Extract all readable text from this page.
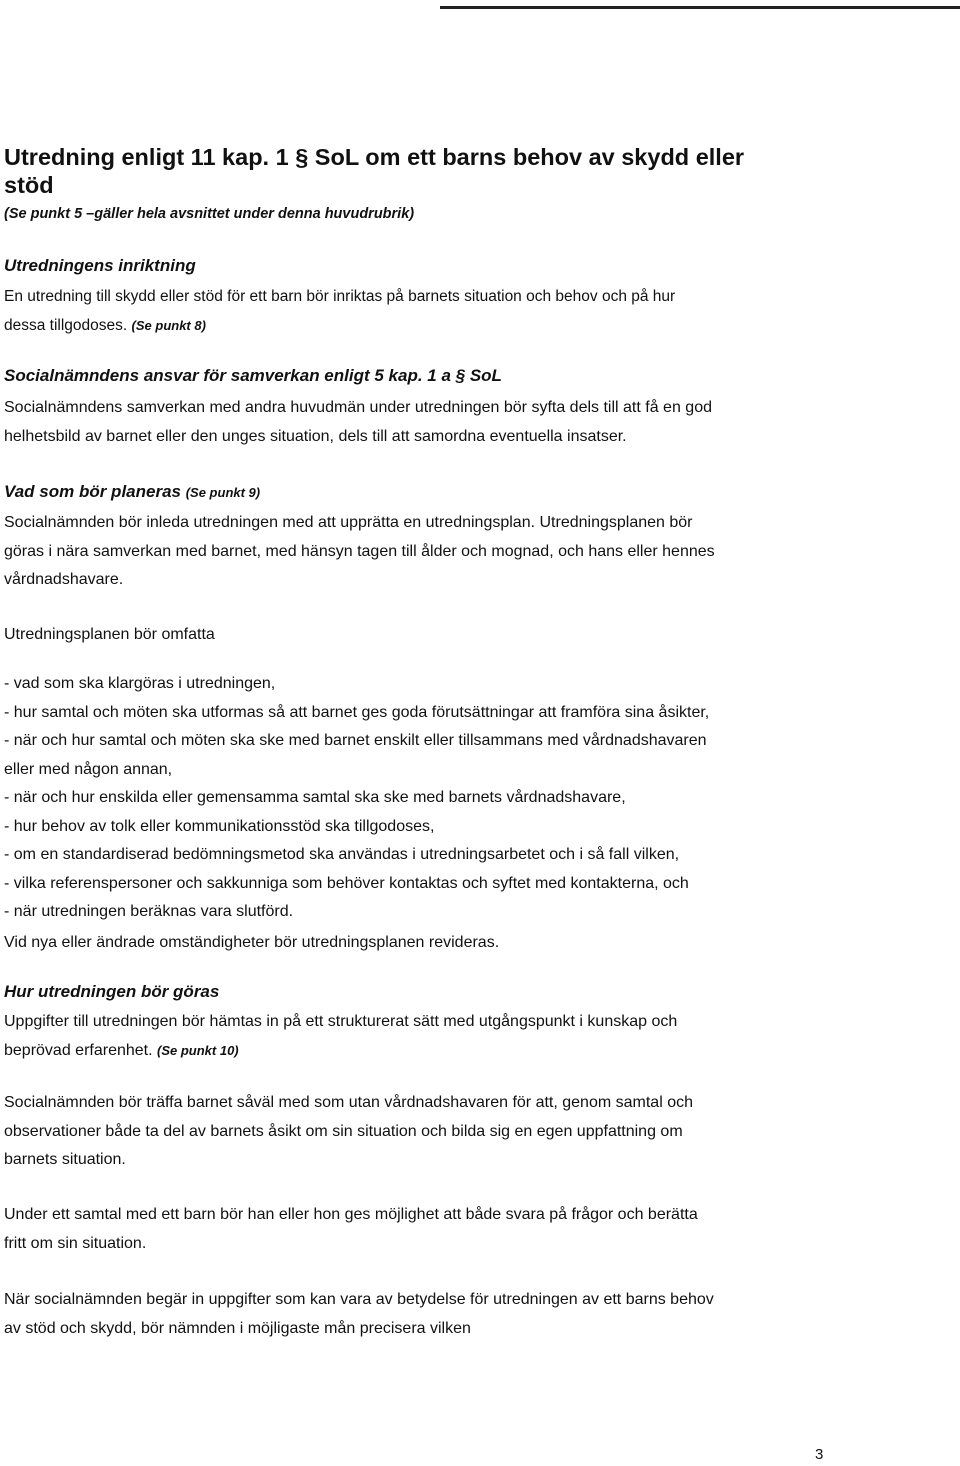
Utredning enligt 11 kap. 1 § SoL om ett barns behov av skydd eller
stöd

(Se punkt 5 –gäller hela avsnittet under denna huvudrubrik)

Utredningens inriktning
En utredning till skydd eller stöd för ett barn bör inriktas på barnets situation och behov och på hur
dessa tillgodoses. (Se punkt 8)
Socialnämndens ansvar för samverkan enligt 5 kap. 1 a § SoL
Socialnämndens samverkan med andra huvudmän under utredningen bör syfta dels till att få en god
helhetsbild av barnet eller den unges situation, dels till att samordna eventuella insatser.
Vad som bör planeras (Se punkt 9)
Socialnämnden bör inleda utredningen med att upprätta en utredningsplan. Utredningsplanen bör
göras i nära samverkan med barnet, med hänsyn tagen till ålder och mognad, och hans eller hennes
vårdnadshavare.

Utredningsplanen bör omfatta

- vad som ska klargöras i utredningen,
- hur samtal och möten ska utformas så att barnet ges goda förutsättningar att framföra sina åsikter,
- när och hur samtal och möten ska ske med barnet enskilt eller tillsammans med vårdnadshavaren
eller med någon annan,
- när och hur enskilda eller gemensamma samtal ska ske med barnets vårdnadshavare,
- hur behov av tolk eller kommunikationsstöd ska tillgodoses,
- om en standardiserad bedömningsmetod ska användas i utredningsarbetet och i så fall vilken,
- vilka referenspersoner och sakkunniga som behöver kontaktas och syftet med kontakterna, och
- när utredningen beräknas vara slutförd.

Vid nya eller ändrade omständigheter bör utredningsplanen revideras.

Hur utredningen bör göras
Uppgifter till utredningen bör hämtas in på ett strukturerat sätt med utgångspunkt i kunskap och
beprövad erfarenhet. (Se punkt 10)
Socialnämnden bör träffa barnet såväl med som utan vårdnadshavaren för att, genom samtal och
observationer både ta del av barnets åsikt om sin situation och bilda sig en egen uppfattning om
barnets situation.
Under ett samtal med ett barn bör han eller hon ges möjlighet att både svara på frågor och berätta
fritt om sin situation.
När socialnämnden begär in uppgifter som kan vara av betydelse för utredningen av ett barns behov
av stöd och skydd, bör nämnden i möjligaste mån precisera vilken
3
